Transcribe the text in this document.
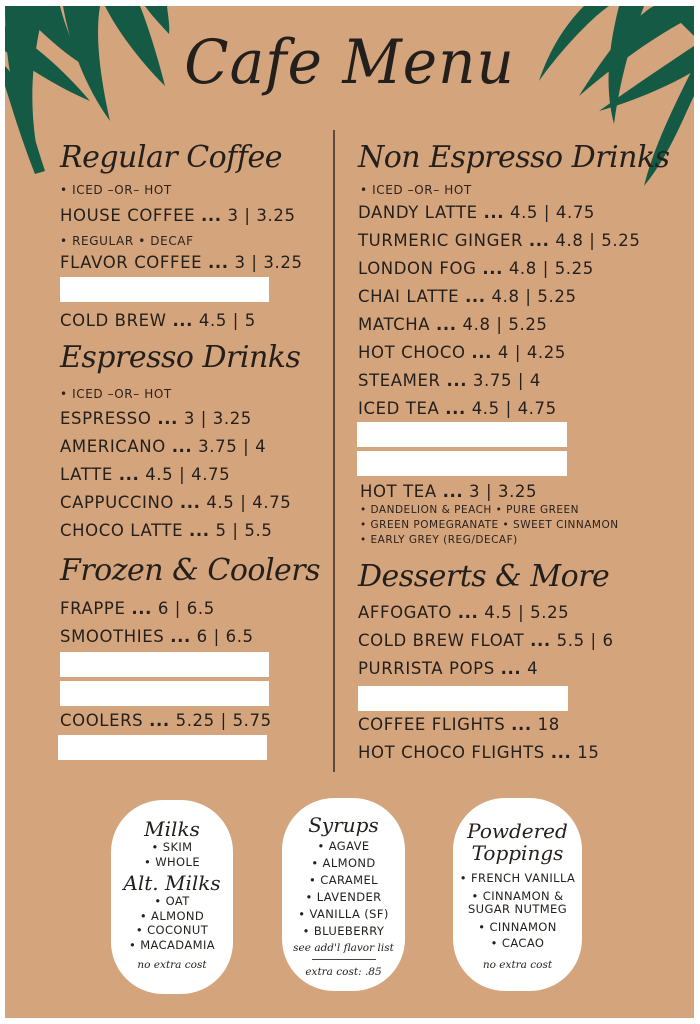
Cafe Menu
Regular Coffee
• ICED –OR– HOT
HOUSE COFFEE ... 3 | 3.25
• REGULAR • DECAF
FLAVOR COFFEE ... 3 | 3.25
COLD BREW ... 4.5 | 5
Espresso Drinks
• ICED –OR– HOT
ESPRESSO ... 3 | 3.25
AMERICANO ... 3.75 | 4
LATTE ... 4.5 | 4.75
CAPPUCCINO ... 4.5 | 4.75
CHOCO LATTE ... 5 | 5.5
Frozen & Coolers
FRAPPE ... 6 | 6.5
SMOOTHIES ... 6 | 6.5
COOLERS ... 5.25 | 5.75
Non Espresso Drinks
• ICED –OR– HOT
DANDY LATTE ... 4.5 | 4.75
TURMERIC GINGER ... 4.8 | 5.25
LONDON FOG ... 4.8 | 5.25
CHAI LATTE ... 4.8 | 5.25
MATCHA ... 4.8 | 5.25
HOT CHOCO ... 4 | 4.25
STEAMER ... 3.75 | 4
ICED TEA ... 4.5 | 4.75
HOT TEA ... 3 | 3.25
• DANDELION & PEACH • PURE GREEN
• GREEN POMEGRANATE • SWEET CINNAMON
• EARLY GREY (REG/DECAF)
Desserts & More
AFFOGATO ... 4.5 | 5.25
COLD BREW FLOAT ... 5.5 | 6
PURRISTA POPS ... 4
COFFEE FLIGHTS ... 18
HOT CHOCO FLIGHTS ... 15
Milks
• SKIM
• WHOLE
Alt. Milks
• OAT
• ALMOND
• COCONUT
• MACADAMIA
no extra cost
Syrups
• AGAVE
• ALMOND
• CARAMEL
• LAVENDER
• VANILLA (SF)
• BLUEBERRY
see add'l flavor list
extra cost: .85
Powdered
Toppings
• FRENCH VANILLA
• CINNAMON &
SUGAR NUTMEG
• CINNAMON
• CACAO
no extra cost
